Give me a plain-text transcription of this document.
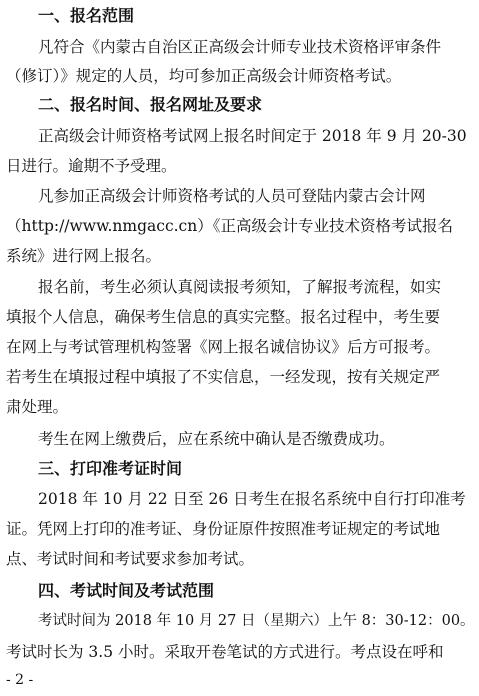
一、报名范围
凡符合《内蒙古自治区正高级会计师专业技术资格评审条件
（修订）》规定的人员，均可参加正高级会计师资格考试。
二、报名时间、报名网址及要求
正高级会计师资格考试网上报名时间定于 2018 年 9 月 20-30
日进行。逾期不予受理。
凡参加正高级会计师资格考试的人员可登陆内蒙古会计网
（http://www.nmgacc.cn）《正高级会计专业技术资格考试报名
系统》进行网上报名。
报名前，考生必须认真阅读报考须知，了解报考流程，如实
填报个人信息，确保考生信息的真实完整。报名过程中，考生要
在网上与考试管理机构签署《网上报名诚信协议》后方可报考。
若考生在填报过程中填报了不实信息，一经发现，按有关规定严
肃处理。
考生在网上缴费后，应在系统中确认是否缴费成功。
三、打印准考证时间
2018 年 10 月 22 日至 26 日考生在报名系统中自行打印准考
证。凭网上打印的准考证、身份证原件按照准考证规定的考试地
点、考试时间和考试要求参加考试。
四、考试时间及考试范围
考试时间为 2018 年 10 月 27 日（星期六）上午 8：30-12：00。
考试时长为 3.5 小时。采取开卷笔试的方式进行。考点设在呼和
- 2 -
